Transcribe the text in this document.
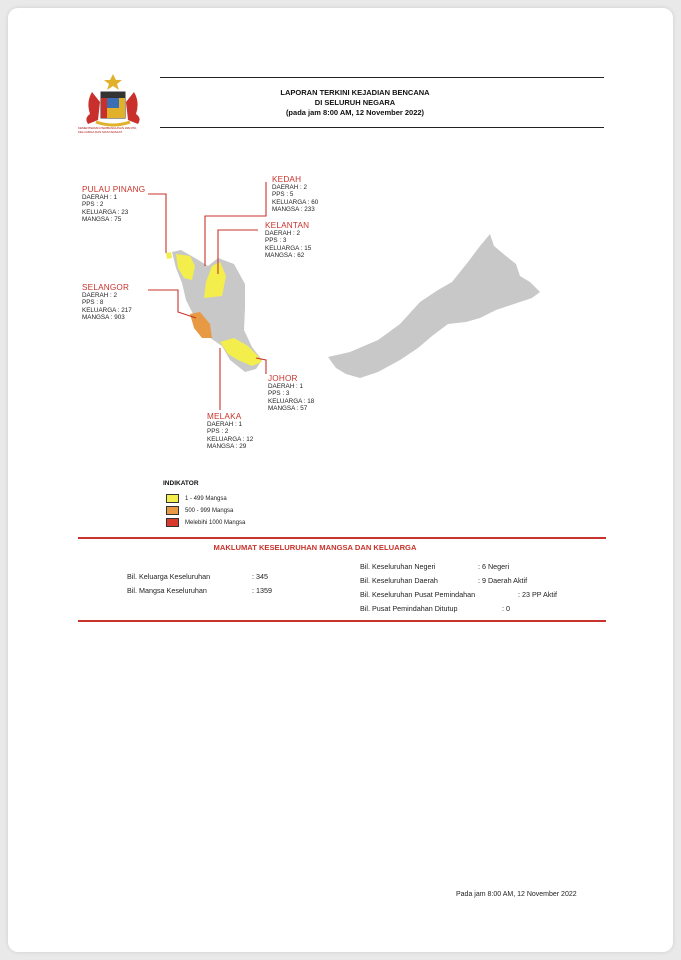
KEMENTERIAN PEMBANGUNAN WANITA, KELUARGA DAN MASYARAKAT
LAPORAN TERKINI KEJADIAN BENCANA
DI SELURUH NEGARA
(pada jam 8:00 AM, 12 November 2022)
PULAU PINANG
DAERAH : 1
PPS : 2
KELUARGA : 23
MANGSA : 75
KEDAH
DAERAH : 2
PPS : 5
KELUARGA : 60
MANGSA : 233
KELANTAN
DAERAH : 2
PPS : 3
KELUARGA : 15
MANGSA : 62
SELANGOR
DAERAH : 2
PPS : 8
KELUARGA : 217
MANGSA : 903
JOHOR
DAERAH : 1
PPS : 3
KELUARGA : 18
MANGSA : 57
MELAKA
DAERAH : 1
PPS : 2
KELUARGA : 12
MANGSA : 29
INDIKATOR
1 - 499 Mangsa
500 - 999 Mangsa
Melebihi 1000 Mangsa
MAKLUMAT KESELURUHAN MANGSA DAN KELUARGA
Bil. Keluarga Keseluruhan	: 345
Bil. Mangsa Keseluruhan	: 1359
Bil. Keseluruhan Negeri	: 6 Negeri
Bil. Keseluruhan Daerah	: 9 Daerah Aktif
Bil. Keseluruhan Pusat Pemindahan	: 23 PP Aktif
Bil. Pusat Pemindahan Ditutup	: 0
Pada jam 8:00 AM, 12 November 2022
